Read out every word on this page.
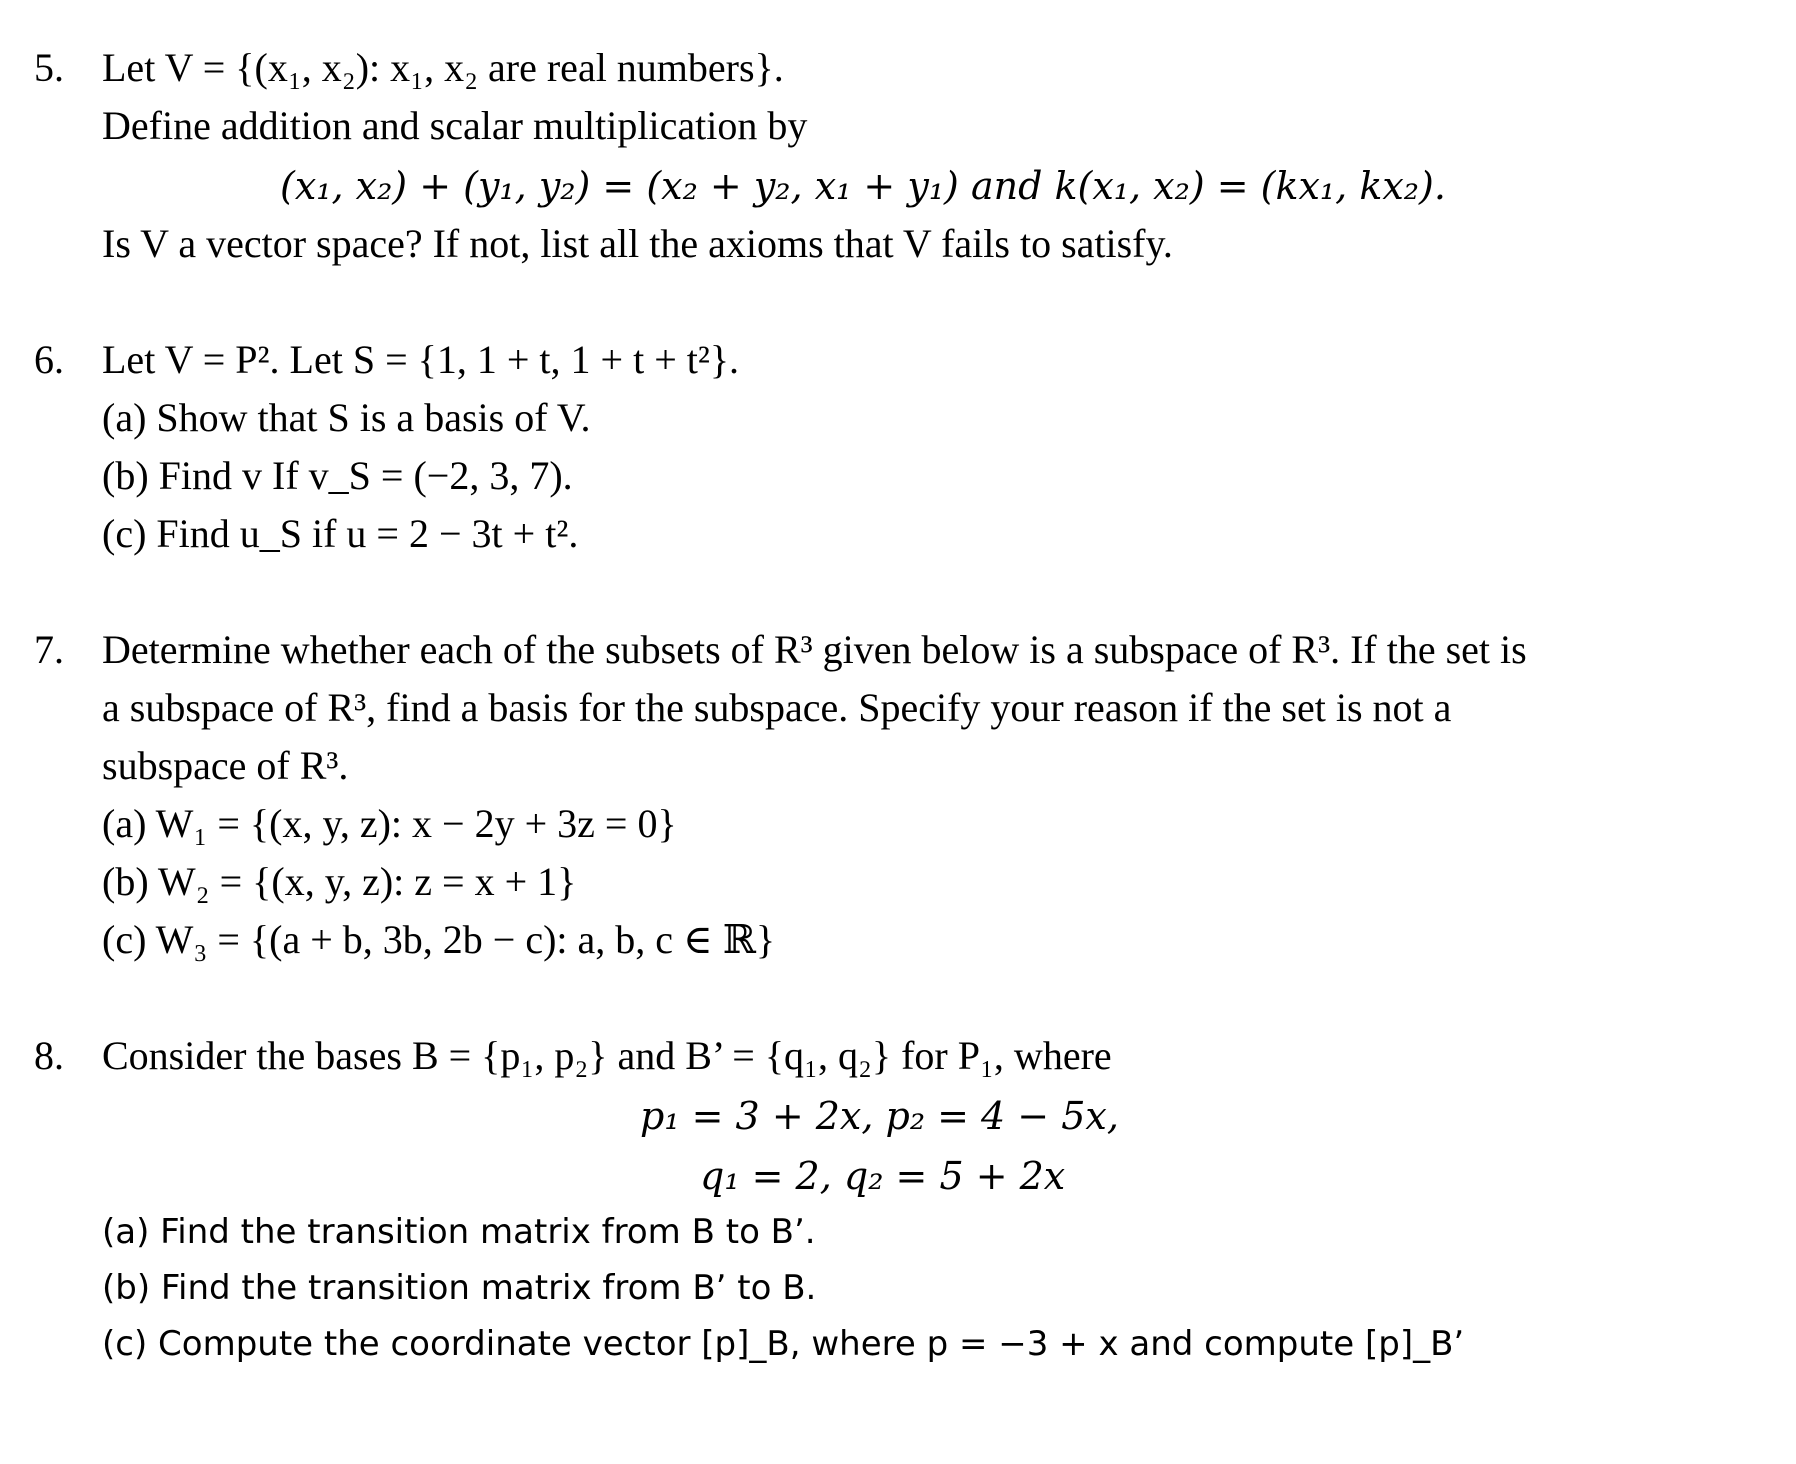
5. Let V = {(x₁, x₂): x₁, x₂ are real numbers}.
Define addition and scalar multiplication by
(x₁, x₂) + (y₁, y₂) = (x₂ + y₂, x₁ + y₁) and k(x₁, x₂) = (kx₁, kx₂).
Is V a vector space? If not, list all the axioms that V fails to satisfy.
6. Let V = P². Let S = {1, 1 + t, 1 + t + t²}.
(a) Show that S is a basis of V.
(b) Find v If v_S = (−2, 3, 7).
(c) Find u_S if u = 2 − 3t + t².
7. Determine whether each of the subsets of R³ given below is a subspace of R³. If the set is
a subspace of R³, find a basis for the subspace. Specify your reason if the set is not a
subspace of R³.
(a) W₁ = {(x, y, z): x − 2y + 3z = 0}
(b) W₂ = {(x, y, z): z = x + 1}
(c) W₃ = {(a + b, 3b, 2b − c): a, b, c ∈ ℝ}
8. Consider the bases B = {p₁, p₂} and B’ = {q₁, q₂} for P₁, where
p₁ = 3 + 2x, p₂ = 4 − 5x,
q₁ = 2, q₂ = 5 + 2x
(a) Find the transition matrix from B to B’.
(b) Find the transition matrix from B’ to B.
(c) Compute the coordinate vector [p]_B, where p = −3 + x and compute [p]_B’
